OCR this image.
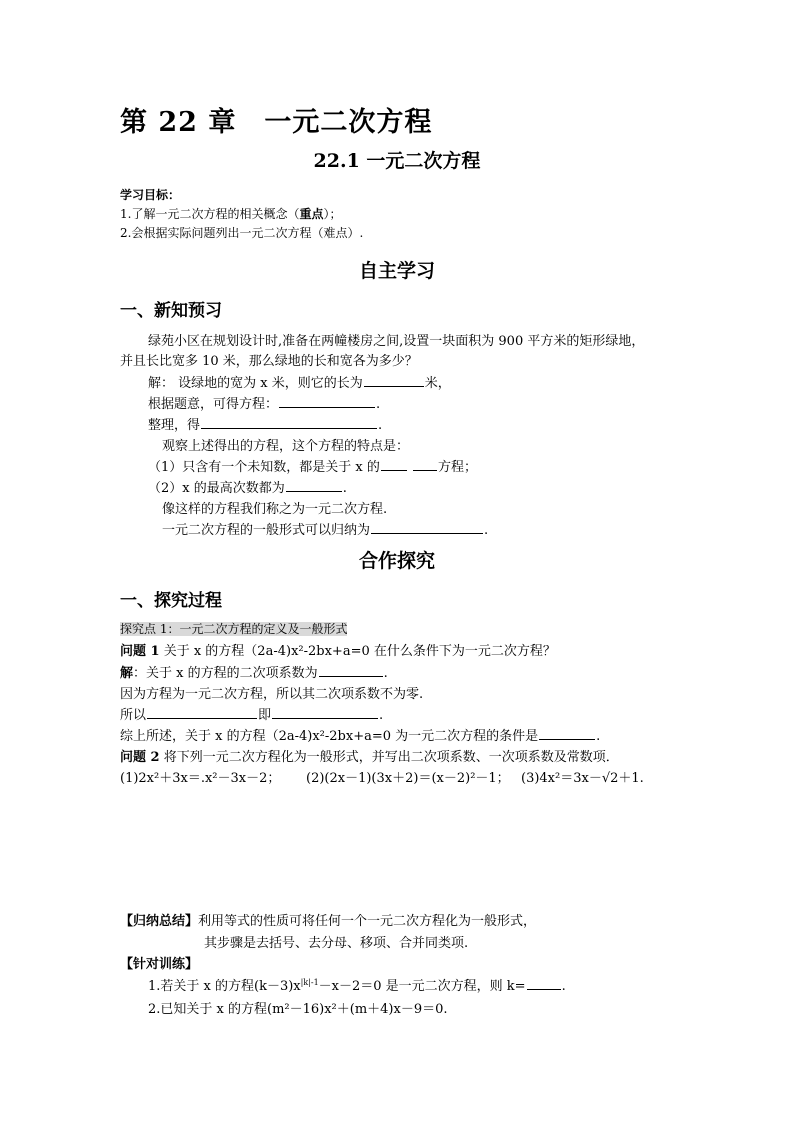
第 22 章　一元二次方程
22.1 一元二次方程
学习目标：
1.了解一元二次方程的相关概念（重点）；
2.会根据实际问题列出一元二次方程（难点）.
自主学习
一、新知预习
绿苑小区在规划设计时,准备在两幢楼房之间,设置一块面积为 900 平方米的矩形绿地，
并且长比宽多 10 米，那么绿地的长和宽各为多少？
解： 设绿地的宽为 x 米，则它的长为	米，
根据题意，可得方程：	.
整理，得	.
观察上述得出的方程，这个方程的特点是：
（1）只含有一个未知数，都是关于 x 的	方程；
（2）x 的最高次数都为	.
像这样的方程我们称之为一元二次方程.
一元二次方程的一般形式可以归纳为	.
合作探究
一、探究过程
探究点 1：一元二次方程的定义及一般形式
问题 1 关于 x 的方程（2a-4)x²-2bx+a=0 在什么条件下为一元二次方程？
解：关于 x 的方程的二次项系数为	.
因为方程为一元二次方程，所以其二次项系数不为零.
所以	即	.
综上所述，关于 x 的方程（2a-4)x²-2bx+a=0 为一元二次方程的条件是	.
问题 2 将下列一元二次方程化为一般形式，并写出二次项系数、一次项系数及常数项．
(1)2x²＋3x＝.x²－3x－2； (2)(2x－1)(3x＋2)＝(x－2)²－1； (3)4x²＝3x－√2＋1.
【归纳总结】利用等式的性质可将任何一个一元二次方程化为一般形式，
其步骤是去括号、去分母、移项、合并同类项.
【针对训练】
1.若关于 x 的方程$(k-3)x^{|k|-1}-x-2=0$ 是一元二次方程，则 k=	.
2.已知关于 x 的方程(m²－16)x²＋(m＋4)x－9＝0.
